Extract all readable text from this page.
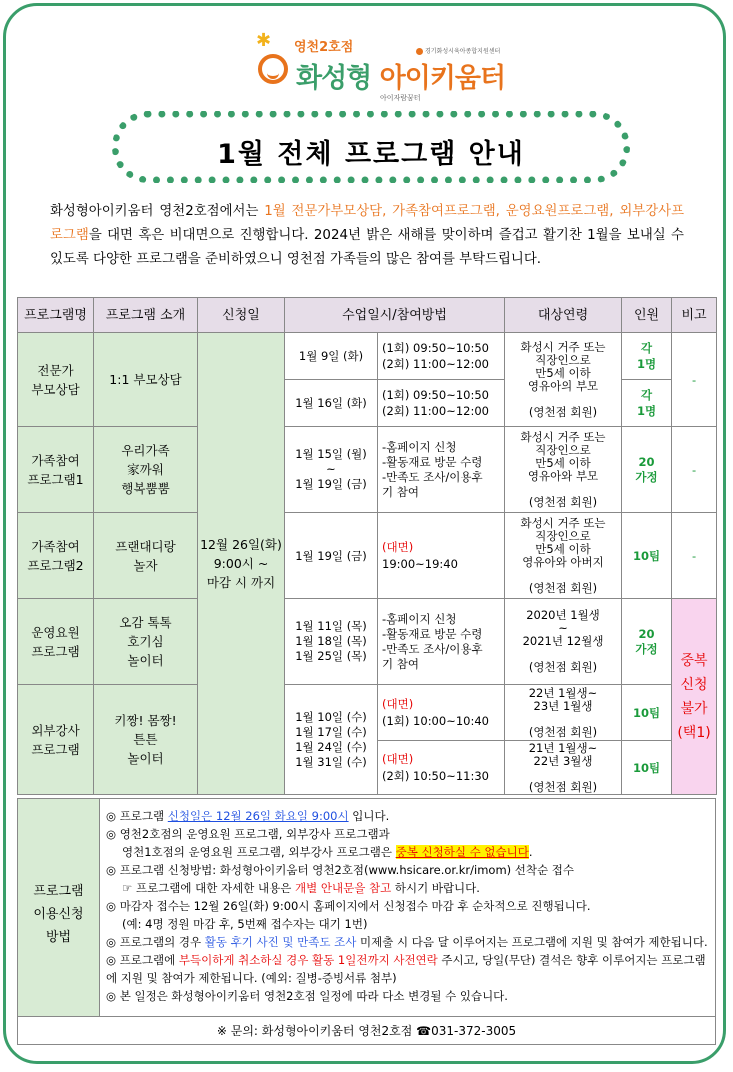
✱ 영천2호점
화성형 아이키움터
아이자람꿈터
경기화성시육아종합지원센터
1월 전체 프로그램 안내
화성형아이키움터 영천2호점에서는 1월 전문가부모상담, 가족참여프로그램, 운영요원프로그램, 외부강사프로그램을 대면 혹은 비대면으로 진행합니다. 2024년 밝은 새해를 맞이하며 즐겁고 활기찬 1월을 보내실 수 있도록 다양한 프로그램을 준비하였으니 영천점 가족들의 많은 참여를 부탁드립니다.
프로그램명	프로그램 소개	신청일	수업일시/참여방법		대상연령	인원	비고
전문가
부모상담	1:1 부모상담	12월 26일(화)
9:00시 ~
마감 시 까지	1월 9일 (화)	(1회) 09:50~10:50
(2회) 11:00~12:00	화성시 거주 또는
직장인으로
만5세 이하
영유아의 부모

(영천점 회원)	각
1명	-
			1월 16일 (화)	(1회) 09:50~10:50
(2회) 11:00~12:00		각
1명	
가족참여
프로그램1	우리가족
家까워
행복뿜뿜		1월 15일 (월)
~
1월 19일 (금)	-홈페이지 신청
-활동재료 방문 수령
-만족도 조사/이용후
기 참여	화성시 거주 또는
직장인으로
만5세 이하
영유아와 부모

(영천점 회원)	20
가정	-
가족참여
프로그램2	프랜대디랑
놀자		1월 19일 (금)	(대면)
19:00~19:40	화성시 거주 또는
직장인으로
만5세 이하
영유아와 아버지

(영천점 회원)	10팀	-
운영요원
프로그램	오감 톡톡
호기심
놀이터		1월 11일 (목)
1월 18일 (목)
1월 25일 (목)	-홈페이지 신청
-활동재료 방문 수령
-만족도 조사/이용후
기 참여	2020년 1월생
~
2021년 12월생

(영천점 회원)	20
가정	중복
신청
불가
(택1)
외부강사
프로그램	키짱! 몸짱!
튼튼
놀이터		1월 10일 (수)
1월 17일 (수)
1월 24일 (수)
1월 31일 (수)	(대면)
(1회) 10:00~10:40	22년 1월생~
23년 1월생

(영천점 회원)	10팀	
				(대면)
(2회) 10:50~11:30	21년 1월생~
22년 3월생

(영천점 회원)	10팀	
프로그램
이용신청
방법

◎ 프로그램 신청일은 12월 26일 화요일 9:00시 입니다.

◎ 영천2호점의 운영요원 프로그램, 외부강사 프로그램과

영천1호점의 운영요원 프로그램, 외부강사 프로그램은 중복 신청하실 수 없습니다.

◎ 프로그램 신청방법: 화성형아이키움터 영천2호점(www.hsicare.or.kr/imom) 선착순 접수

☞ 프로그램에 대한 자세한 내용은 개별 안내문을 참고 하시기 바랍니다.

◎ 마감자 접수는 12월 26일(화) 9:00시 홈페이지에서 신청접수 마감 후 순차적으로 진행됩니다.

(예: 4명 정원 마감 후, 5번째 접수자는 대기 1번)

◎ 프로그램의 경우 활동 후기 사진 및 만족도 조사 미제출 시 다음 달 이루어지는 프로그램에 지원 및 참여가 제한됩니다.

◎ 프로그램에 부득이하게 취소하실 경우 활동 1일전까지 사전연락 주시고, 당일(무단) 결석은 향후 이루어지는 프로그램에 지원 및 참여가 제한됩니다. (예외: 질병-증빙서류 첨부)

◎ 본 일정은 화성형아이키움터 영천2호점 일정에 따라 다소 변경될 수 있습니다.

※ 문의: 화성형아이키움터 영천2호점 ☎031-372-3005
